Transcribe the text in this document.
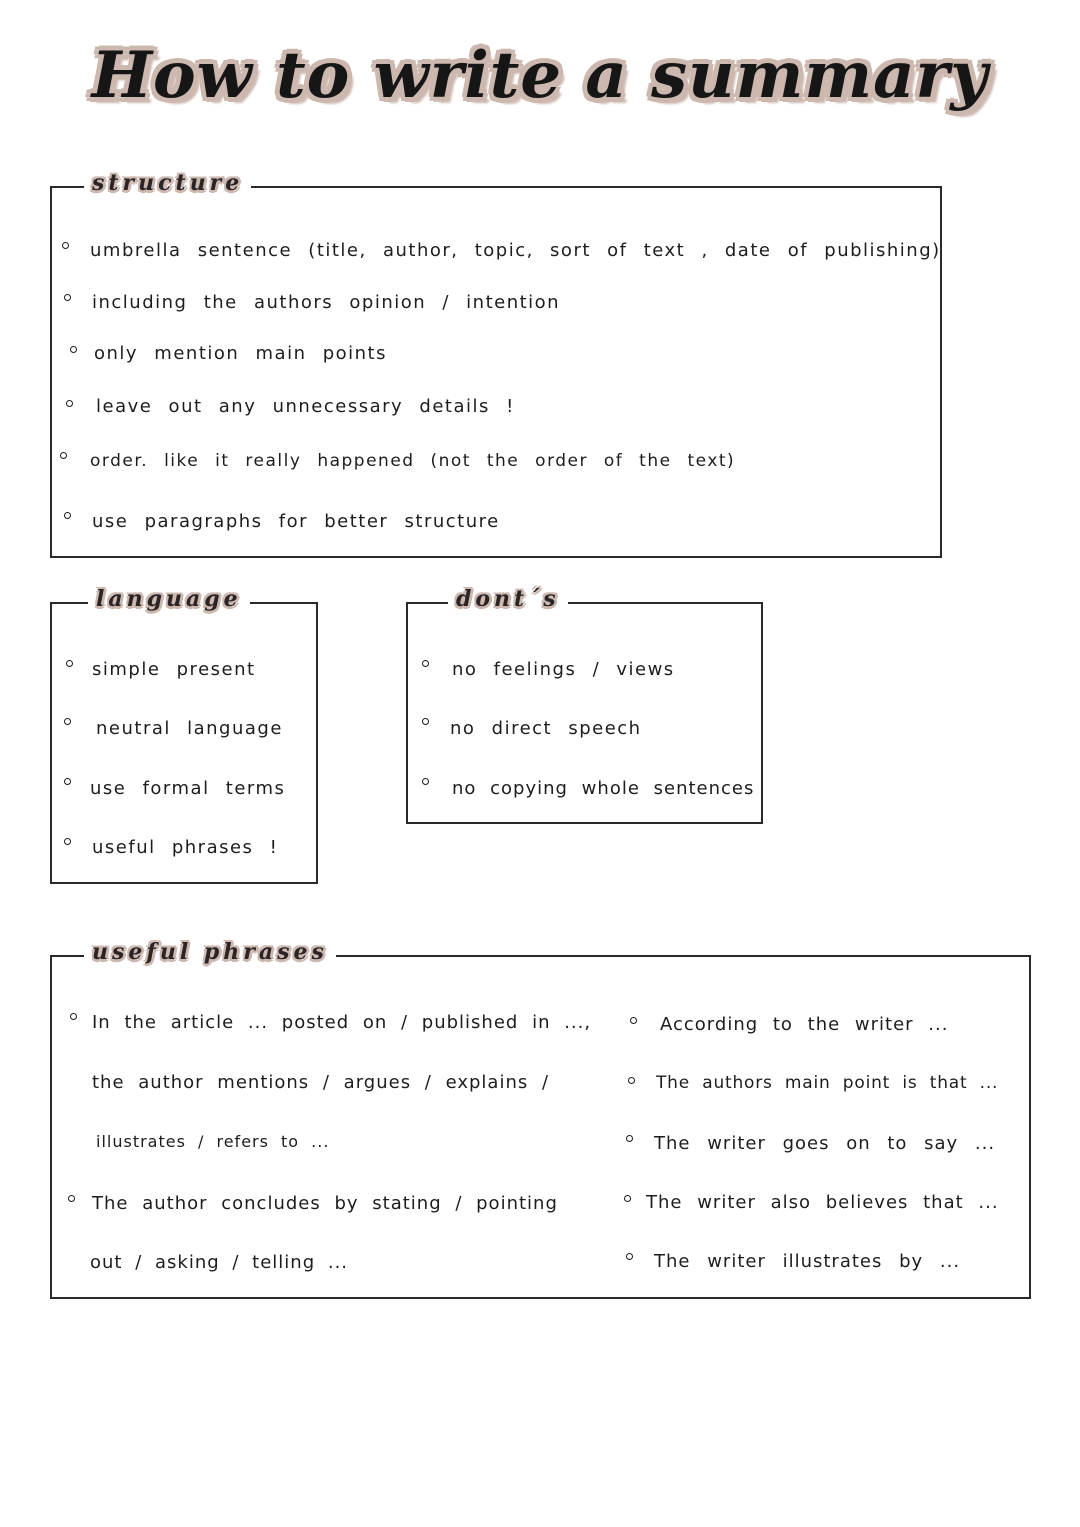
How to write a summary
structure
umbrella sentence (title, author, topic, sort of text , date of publishing)
including the authors opinion / intention
only mention main points
leave out any unnecessary details !
order. like it really happened (not the order of the text)
use paragraphs for better structure
language
simple present
neutral language
use formal terms
useful phrases !
dont´s
no feelings / views
no direct speech
no copying whole sentences
useful phrases
In the article ... posted on / published in ...,
the author mentions / argues / explains /
illustrates / refers to ...
The author concludes by stating / pointing
out / asking / telling ...
According to the writer ...
The authors main point is that ...
The writer goes on to say ...
The writer also believes that ...
The writer illustrates by ...
